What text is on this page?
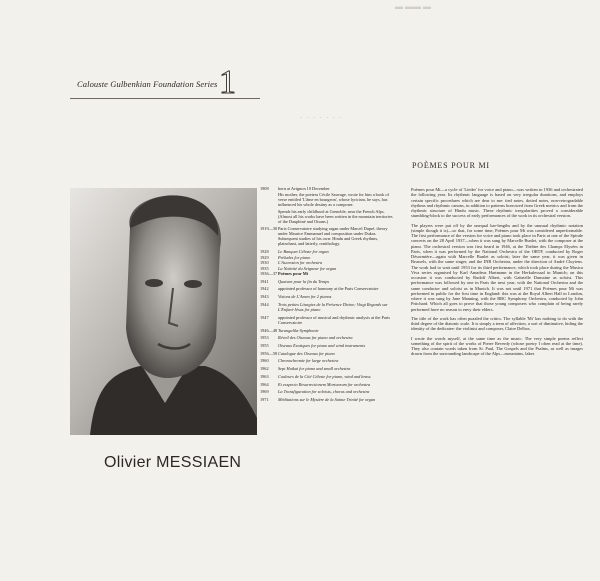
▬ ▬▬ ▬
. . . . . . .
Calouste Gulbenkian Foundation Series 1
Olivier MESSIAEN
1908	born at Avignon 10 December
His mother, the poetess Cécile Sauvage, wrote for him a book of verse entitled 'L'âme en bourgeon', whose lyricism, he says, has influenced his whole destiny as a composer.
Spends his early childhood at Grenoble, near the French Alps. (Almost all his works have been written in the mountain territories of the Dauphiné and Oisans.)
1919—30 Paris Conservatoire studying organ under Marcel Dupré, theory under Maurice Emmanuel and composition under Dukas. Subsequent studies of his own: Hindu and Greek rhythms, plainchant, and latterly, ornithology.
1928	Le Banquet Céleste for organ
1929	Préludes for piano
1930	L'Ascension for orchestra
1935	La Nativité du Seigneur for organ
1936—37 Poèmes pour Mi
1941	Quatuor pour la fin du Temps
1942	appointed professor of harmony at the Paris Conservatoire
1943	Visions de L'Amen for 2 pianos
1944	Trois petites Liturgies de la Présence Divine; Vingt Regards sur L'Enfant-Jésus for piano
1947	appointed professor of musical and rhythmic analysis at the Paris Conservatoire
1946—48 Turangalila-Symphonie
1953	Réveil des Oiseaux for piano and orchestra
1955	Oiseaux Exotiques for piano and wind instruments
1956—58 Catalogue des Oiseaux for piano
1960	Chronochromie for large orchestra
1962	Sept Haikai for piano and small orchestra
1963	Couleurs de la Cité Céleste for piano, wind and brass
1964	Et exspecto Resurrectionem Mortuorum for orchestra
1969	La Transfiguration for soloists, chorus and orchestra
1971	Méditations sur le Mystère de la Sainte Trinité for organ
POÈMES POUR MI

Poèmes pour Mi—a cycle of 'Lieder' for voice and piano—was written in 1936 and orchestrated the following year. Its rhythmic language is based on very irregular durations, and employs certain specific procedures which are dear to me: tied notes, dotted notes, non-retrogradable rhythms and rhythmic canons, in addition to patterns borrowed from Greek metrics and from the rhythmic structure of Hindu music. These rhythmic irregularities proved a considerable stumbling-block to the success of early performances of the work in its orchestral version.

The players were put off by the unequal bar-lengths and by the unusual rhythmic notation (simple though it is)—so that, for some time, Poèmes pour Mi was considered unperformable. The first performance of the version for voice and piano took place in Paris at one of the Spirale concerts on the 28 April 1937—when it was sung by Marcelle Bunlet, with the composer at the piano. The orchestral version was first heard in 1946, at the Théâtre des Champs Elysées in Paris, when it was performed by the National Orchestra of the ORTF, conducted by Roger Désormière—again with Marcelle Bunlet as soloist; later the same year, it was given in Brussels, with the same singer, and the INR Orchestra, under the direction of André Cluytens. The work had to wait until 1953 for its third performance, which took place during the Musica Viva series organised by Karl Amadeus Hartmann in the Herkulessaal in Munich; on this occasion it was conducted by Rudolf Albert, with Gabrielle Dumaine as soloist. This performance was followed by one in Paris the next year, with the National Orchestra and the same conductor and soloist as in Munich. It was not until 1971 that Poèmes pour Mi was performed in public for the first time in England: this was at the Royal Albert Hall in London, where it was sung by Jane Manning, with the BBC Symphony Orchestra, conducted by John Pritchard. Which all goes to prove that those young composers who complain of being rarely performed have no reason to envy their elders.

The title of the work has often puzzled the critics. The syllable 'Mi' has nothing to do with the third degree of the diatonic scale. It is simply a term of affection, a sort of diminutive, hiding the identity of the dedicatee: the violinist and composer, Claire Delbos.

I wrote the words myself, at the same time as the music. The very simple poems reflect something of the spirit of the works of Pierre Reverdy (whose poetry I often read at the time). They also contain words taken from St. Paul, The Gospels and the Psalms, as well as images drawn from the surrounding landscape of the Alps—mountains, lakes
